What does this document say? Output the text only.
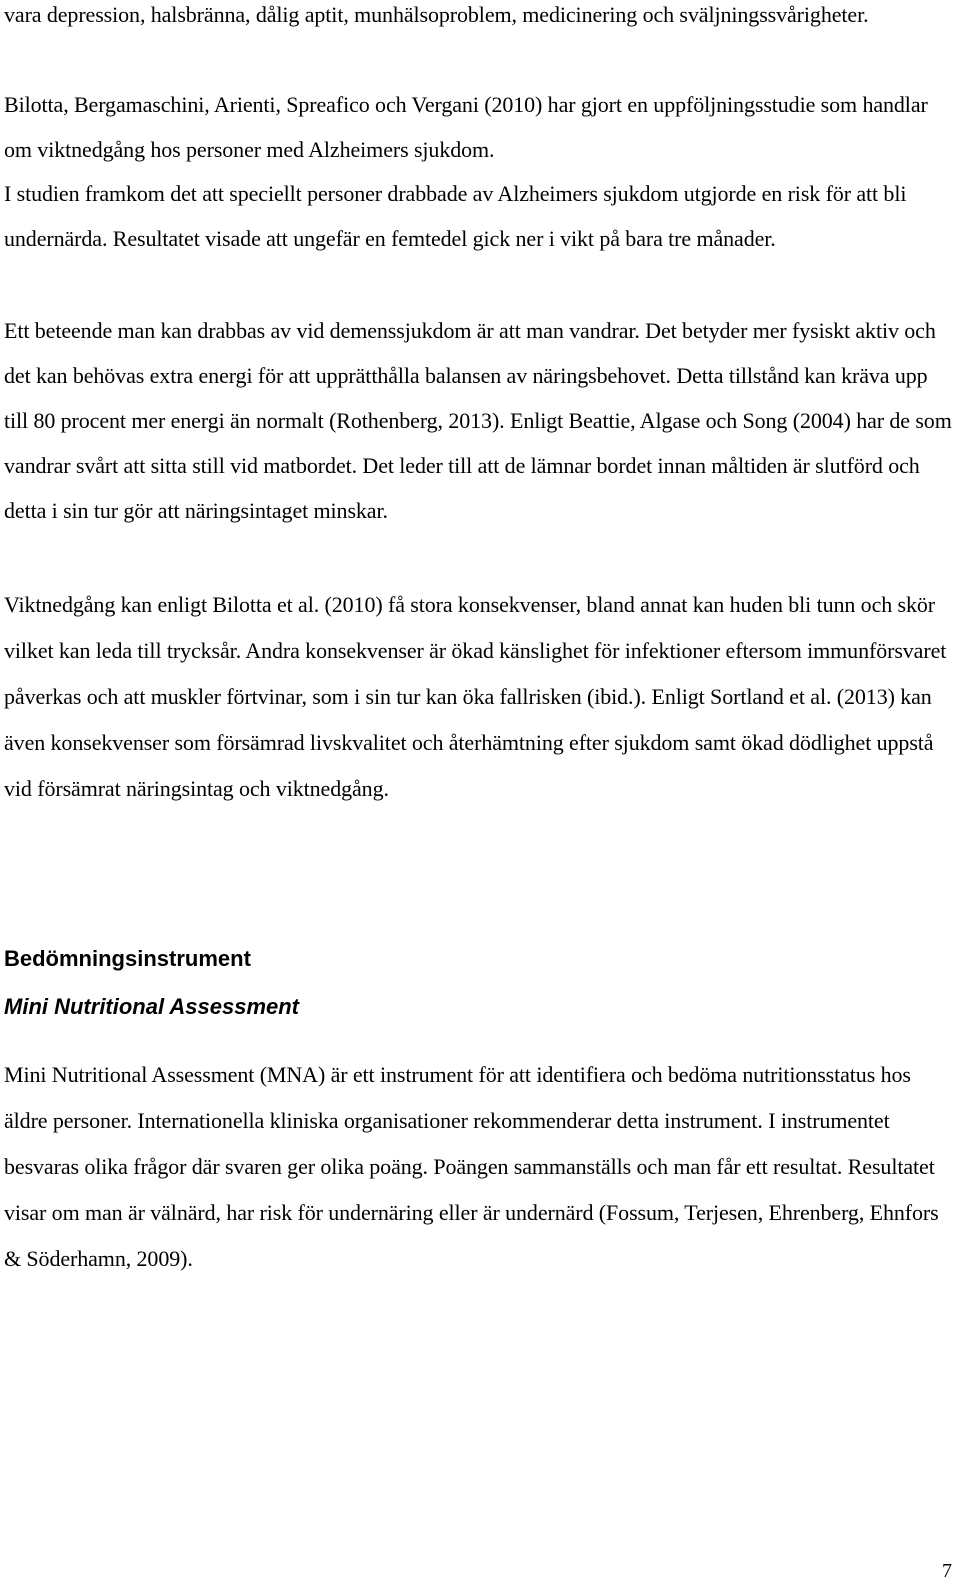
vara depression, halsbränna, dålig aptit, munhälsoproblem, medicinering och sväljningssvårigheter.

Bilotta, Bergamaschini, Arienti, Spreafico och Vergani (2010) har gjort en uppföljningsstudie som handlar om viktnedgång hos personer med Alzheimers sjukdom.

I studien framkom det att speciellt personer drabbade av Alzheimers sjukdom utgjorde en risk för att bli undernärda. Resultatet visade att ungefär en femtedel gick ner i vikt på bara tre månader.

Ett beteende man kan drabbas av vid demenssjukdom är att man vandrar. Det betyder mer fysiskt aktiv och det kan behövas extra energi för att upprätthålla balansen av näringsbehovet. Detta tillstånd kan kräva upp till 80 procent mer energi än normalt (Rothenberg, 2013). Enligt Beattie, Algase och Song (2004) har de som vandrar svårt att sitta still vid matbordet. Det leder till att de lämnar bordet innan måltiden är slutförd och detta i sin tur gör att näringsintaget minskar.

Viktnedgång kan enligt Bilotta et al. (2010) få stora konsekvenser, bland annat kan huden bli tunn och skör vilket kan leda till trycksår. Andra konsekvenser är ökad känslighet för infektioner eftersom immunförsvaret påverkas och att muskler förtvinar, som i sin tur kan öka fallrisken (ibid.). Enligt Sortland et al. (2013) kan även konsekvenser som försämrad livskvalitet och återhämtning efter sjukdom samt ökad dödlighet uppstå vid försämrat näringsintag och viktnedgång.

Bedömningsinstrument
Mini Nutritional Assessment

Mini Nutritional Assessment (MNA) är ett instrument för att identifiera och bedöma nutritionsstatus hos äldre personer. Internationella kliniska organisationer rekommenderar detta instrument. I instrumentet besvaras olika frågor där svaren ger olika poäng. Poängen sammanställs och man får ett resultat. Resultatet visar om man är välnärd, har risk för undernäring eller är undernärd (Fossum, Terjesen, Ehrenberg, Ehnfors & Söderhamn, 2009).

7
